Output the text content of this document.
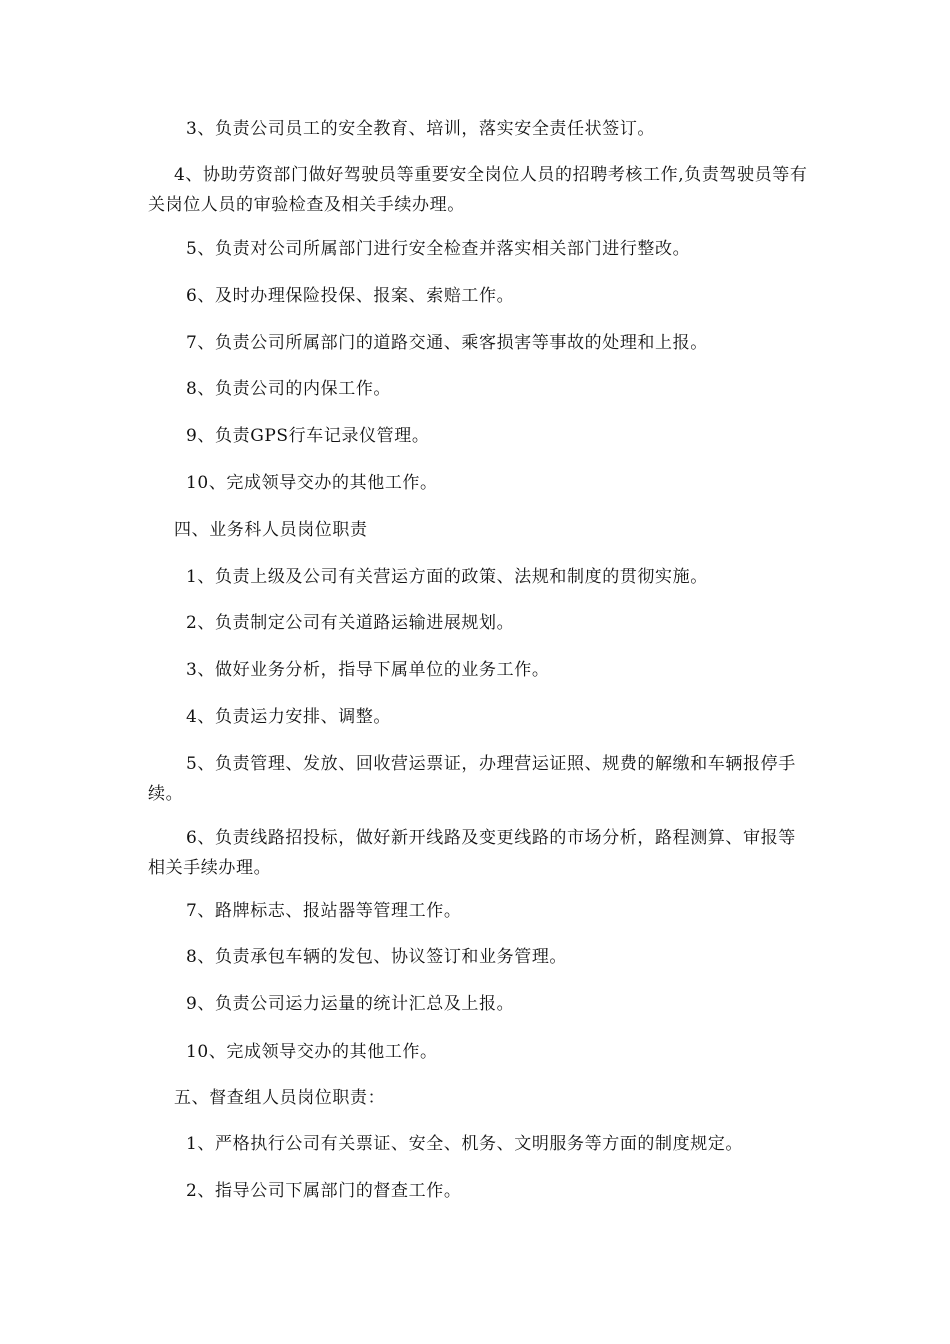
3、负责公司员工的安全教育、培训，落实安全责任状签订。
4、协助劳资部门做好驾驶员等重要安全岗位人员的招聘考核工作,负责驾驶员等有关岗位人员的审验检查及相关手续办理。
5、负责对公司所属部门进行安全检查并落实相关部门进行整改。
6、及时办理保险投保、报案、索赔工作。
7、负责公司所属部门的道路交通、乘客损害等事故的处理和上报。
8、负责公司的内保工作。
9、负责GPS行车记录仪管理。
10、完成领导交办的其他工作。
四、业务科人员岗位职责
1、负责上级及公司有关营运方面的政策、法规和制度的贯彻实施。
2、负责制定公司有关道路运输进展规划。
3、做好业务分析，指导下属单位的业务工作。
4、负责运力安排、调整。
5、负责管理、发放、回收营运票证，办理营运证照、规费的解缴和车辆报停手续。
6、负责线路招投标，做好新开线路及变更线路的市场分析，路程测算、审报等相关手续办理。
7、路牌标志、报站器等管理工作。
8、负责承包车辆的发包、协议签订和业务管理。
9、负责公司运力运量的统计汇总及上报。
10、完成领导交办的其他工作。
五、督查组人员岗位职责：
1、严格执行公司有关票证、安全、机务、文明服务等方面的制度规定。
2、指导公司下属部门的督查工作。
